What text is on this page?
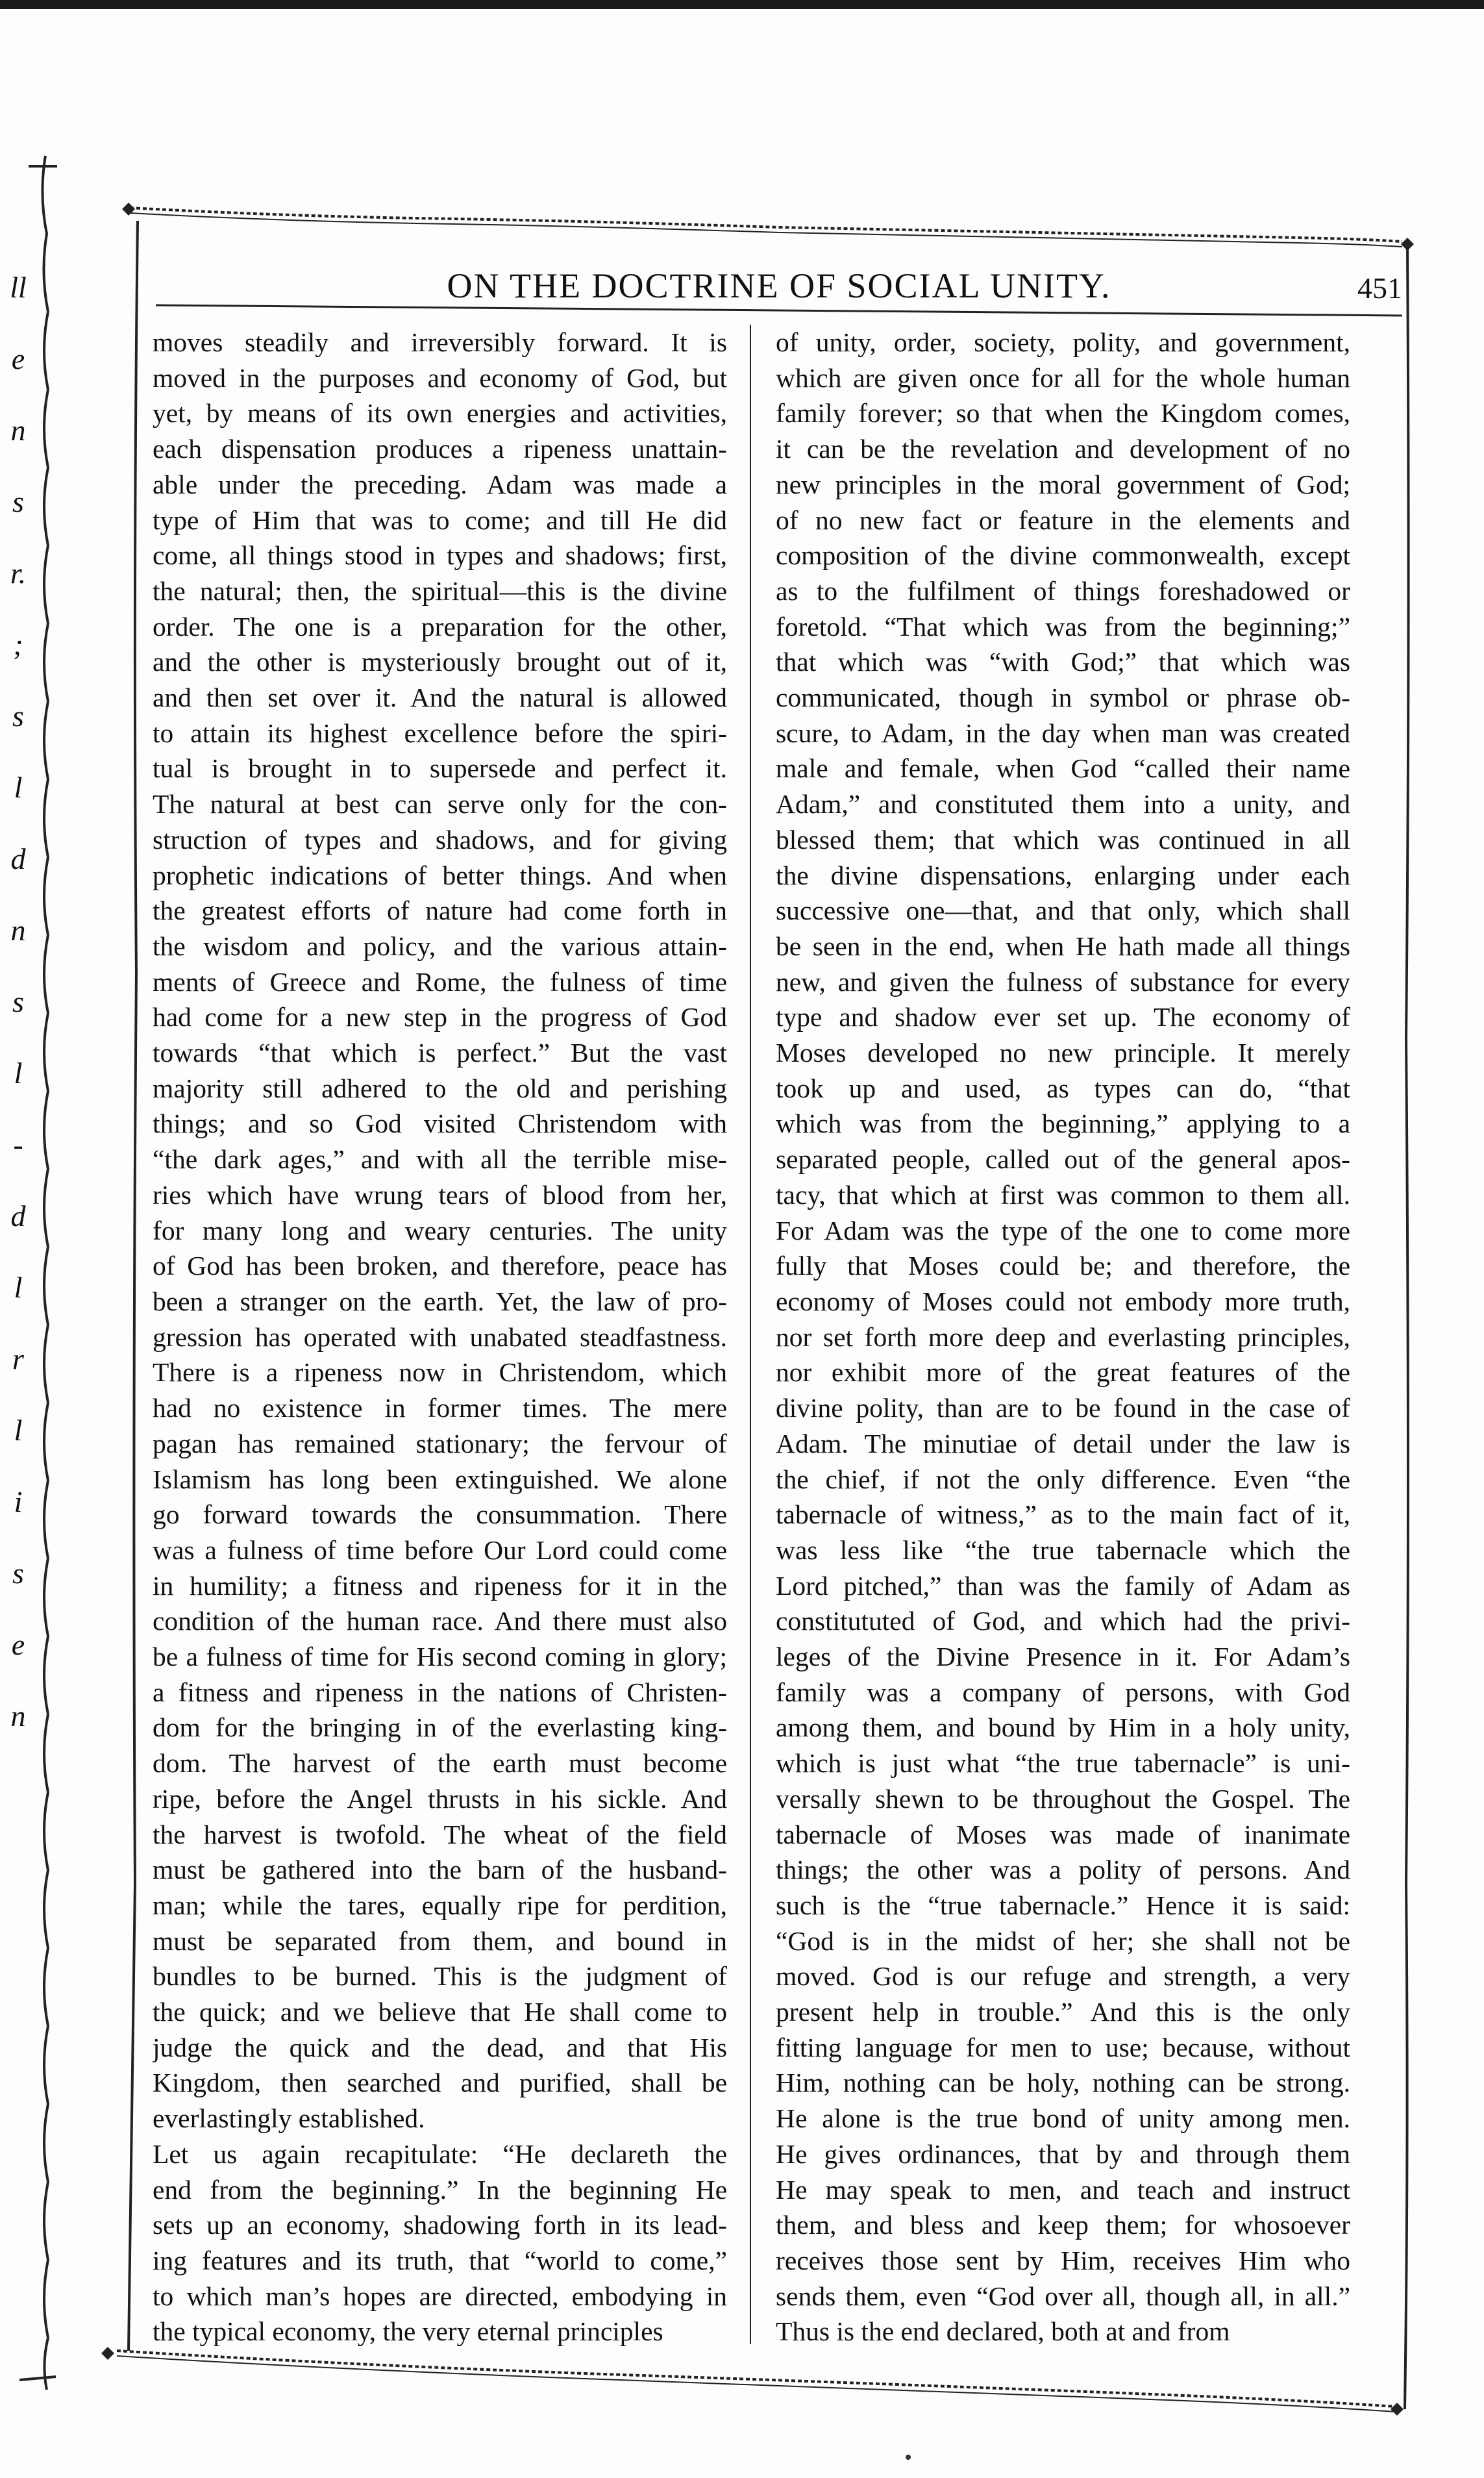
ll
e
n
s
r.
;
s
l
d
n
s
l
-
d
l
r
l
i
s
e
n
ON THE DOCTRINE OF SOCIAL UNITY.	451

moves steadily and irreversibly forward. It is

moved in the purposes and economy of God, but

yet, by means of its own energies and activities,

each dispensation produces a ripeness unattain-

able under the preceding. Adam was made a

type of Him that was to come; and till He did

come, all things stood in types and shadows; first,

the natural; then, the spiritual—this is the divine

order. The one is a preparation for the other,

and the other is mysteriously brought out of it,

and then set over it. And the natural is allowed

to attain its highest excellence before the spiri-

tual is brought in to supersede and perfect it.

The natural at best can serve only for the con-

struction of types and shadows, and for giving

prophetic indications of better things. And when

the greatest efforts of nature had come forth in

the wisdom and policy, and the various attain-

ments of Greece and Rome, the fulness of time

had come for a new step in the progress of God

towards “that which is perfect.” But the vast

majority still adhered to the old and perishing

things; and so God visited Christendom with

“the dark ages,” and with all the terrible mise-

ries which have wrung tears of blood from her,

for many long and weary centuries. The unity

of God has been broken, and therefore, peace has

been a stranger on the earth. Yet, the law of pro-

gression has operated with unabated steadfastness.

There is a ripeness now in Christendom, which

had no existence in former times. The mere

pagan has remained stationary; the fervour of

Islamism has long been extinguished. We alone

go forward towards the consummation. There

was a fulness of time before Our Lord could come

in humility; a fitness and ripeness for it in the

condition of the human race. And there must also

be a fulness of time for His second coming in glory;

a fitness and ripeness in the nations of Christen-

dom for the bringing in of the everlasting king-

dom. The harvest of the earth must become

ripe, before the Angel thrusts in his sickle. And

the harvest is twofold. The wheat of the field

must be gathered into the barn of the husband-

man; while the tares, equally ripe for perdition,

must be separated from them, and bound in

bundles to be burned. This is the judgment of

the quick; and we believe that He shall come to

judge the quick and the dead, and that His

Kingdom, then searched and purified, shall be

everlastingly established.

Let us again recapitulate: “He declareth the

end from the beginning.” In the beginning He

sets up an economy, shadowing forth in its lead-

ing features and its truth, that “world to come,”

to which man’s hopes are directed, embodying in

the typical economy, the very eternal principles

of unity, order, society, polity, and government,

which are given once for all for the whole human

family forever; so that when the Kingdom comes,

it can be the revelation and development of no

new principles in the moral government of God;

of no new fact or feature in the elements and

composition of the divine commonwealth, except

as to the fulfilment of things foreshadowed or

foretold. “That which was from the beginning;”

that which was “with God;” that which was

communicated, though in symbol or phrase ob-

scure, to Adam, in the day when man was created

male and female, when God “called their name

Adam,” and constituted them into a unity, and

blessed them; that which was continued in all

the divine dispensations, enlarging under each

successive one—that, and that only, which shall

be seen in the end, when He hath made all things

new, and given the fulness of substance for every

type and shadow ever set up. The economy of

Moses developed no new principle. It merely

took up and used, as types can do, “that

which was from the beginning,” applying to a

separated people, called out of the general apos-

tacy, that which at first was common to them all.

For Adam was the type of the one to come more

fully that Moses could be; and therefore, the

economy of Moses could not embody more truth,

nor set forth more deep and everlasting principles,

nor exhibit more of the great features of the

divine polity, than are to be found in the case of

Adam. The minutiae of detail under the law is

the chief, if not the only difference. Even “the

tabernacle of witness,” as to the main fact of it,

was less like “the true tabernacle which the

Lord pitched,” than was the family of Adam as

constitututed of God, and which had the privi-

leges of the Divine Presence in it. For Adam’s

family was a company of persons, with God

among them, and bound by Him in a holy unity,

which is just what “the true tabernacle” is uni-

versally shewn to be throughout the Gospel. The

tabernacle of Moses was made of inanimate

things; the other was a polity of persons. And

such is the “true tabernacle.” Hence it is said:

“God is in the midst of her; she shall not be

moved. God is our refuge and strength, a very

present help in trouble.” And this is the only

fitting language for men to use; because, without

Him, nothing can be holy, nothing can be strong.

He alone is the true bond of unity among men.

He gives ordinances, that by and through them

He may speak to men, and teach and instruct

them, and bless and keep them; for whosoever

receives those sent by Him, receives Him who

sends them, even “God over all, though all, in all.”

Thus is the end declared, both at and from
